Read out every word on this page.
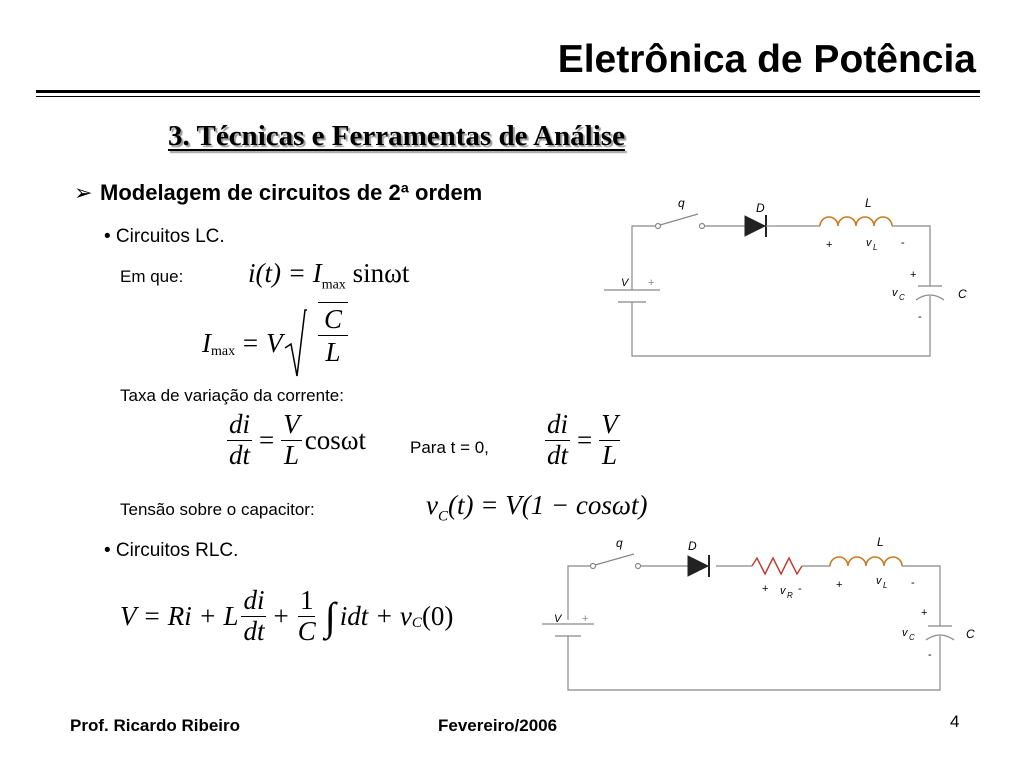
Eletrônica de Potência
3. Técnicas e Ferramentas de Análise
➢ Modelagem de circuitos de 2ª ordem
• Circuitos LC.
Em que: $i(t) = I_{max}$ sinωt
$I_{max} = V$
C
L
Taxa de variação da corrente:
$\frac{di}{dt} = \frac{V}{L}$ cosωt	Para t = 0, $\frac{di}{dt} = \frac{V}{L}$
Tensão sobre o capacitor:	$v_C(t) = V(1 - \cos\omega t)$
• Circuitos RLC.
V = Ri + L $\frac{di}{dt} + \frac{1}{C}$ ∫ idt + $v_C$ (0)
q	D	L
+	v L -
V +
+
v C	C
-
q	D	L
+ v R
-	+	v L -
V +	+
v C	C
-
Prof. Ricardo Ribeiro	Fevereiro/2006	4
